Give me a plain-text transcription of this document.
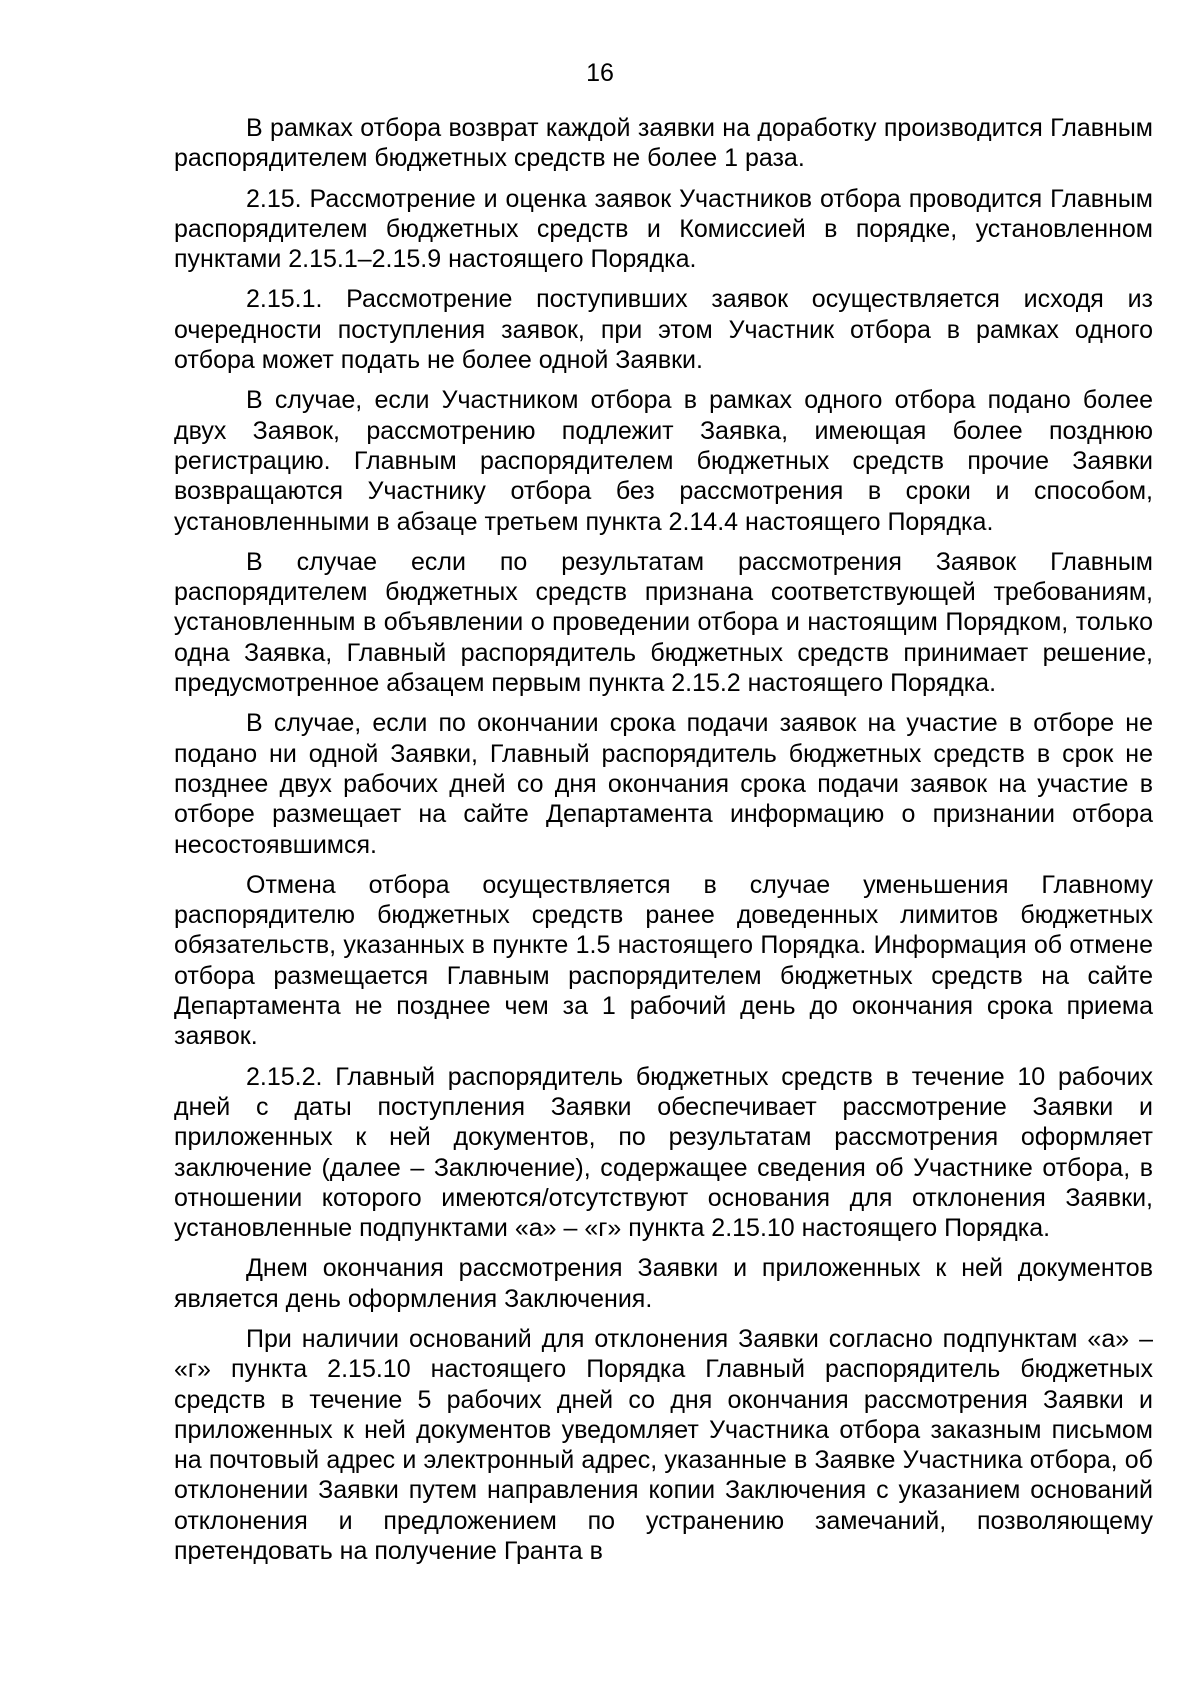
16

В рамках отбора возврат каждой заявки на доработку производится Главным распорядителем бюджетных средств не более 1 раза.

2.15. Рассмотрение и оценка заявок Участников отбора проводится Главным распорядителем бюджетных средств и Комиссией в порядке, установленном пунктами 2.15.1–2.15.9 настоящего Порядка.

2.15.1. Рассмотрение поступивших заявок осуществляется исходя из очередности поступления заявок, при этом Участник отбора в рамках одного отбора может подать не более одной Заявки.

В случае, если Участником отбора в рамках одного отбора подано более двух Заявок, рассмотрению подлежит Заявка, имеющая более позднюю регистрацию. Главным распорядителем бюджетных средств прочие Заявки возвращаются Участнику отбора без рассмотрения в сроки и способом, установленными в абзаце третьем пункта 2.14.4 настоящего Порядка.

В случае если по результатам рассмотрения Заявок Главным распорядителем бюджетных средств признана соответствующей требованиям, установленным в объявлении о проведении отбора и настоящим Порядком, только одна Заявка, Главный распорядитель бюджетных средств принимает решение, предусмотренное абзацем первым пункта 2.15.2 настоящего Порядка.

В случае, если по окончании срока подачи заявок на участие в отборе не подано ни одной Заявки, Главный распорядитель бюджетных средств в срок не позднее двух рабочих дней со дня окончания срока подачи заявок на участие в отборе размещает на сайте Департамента информацию о признании отбора несостоявшимся.

Отмена отбора осуществляется в случае уменьшения Главному распорядителю бюджетных средств ранее доведенных лимитов бюджетных обязательств, указанных в пункте 1.5 настоящего Порядка. Информация об отмене отбора размещается Главным распорядителем бюджетных средств на сайте Департамента не позднее чем за 1 рабочий день до окончания срока приема заявок.

2.15.2. Главный распорядитель бюджетных средств в течение 10 рабочих дней с даты поступления Заявки обеспечивает рассмотрение Заявки и приложенных к ней документов, по результатам рассмотрения оформляет заключение (далее – Заключение), содержащее сведения об Участнике отбора, в отношении которого имеются/отсутствуют основания для отклонения Заявки, установленные подпунктами «а» – «г» пункта 2.15.10 настоящего Порядка.

Днем окончания рассмотрения Заявки и приложенных к ней документов является день оформления Заключения.

При наличии оснований для отклонения Заявки согласно подпунктам «а» – «г» пункта 2.15.10 настоящего Порядка Главный распорядитель бюджетных средств в течение 5 рабочих дней со дня окончания рассмотрения Заявки и приложенных к ней документов уведомляет Участника отбора заказным письмом на почтовый адрес и электронный адрес, указанные в Заявке Участника отбора, об отклонении Заявки путем направления копии Заключения с указанием оснований отклонения и предложением по устранению замечаний, позволяющему претендовать на получение Гранта в
